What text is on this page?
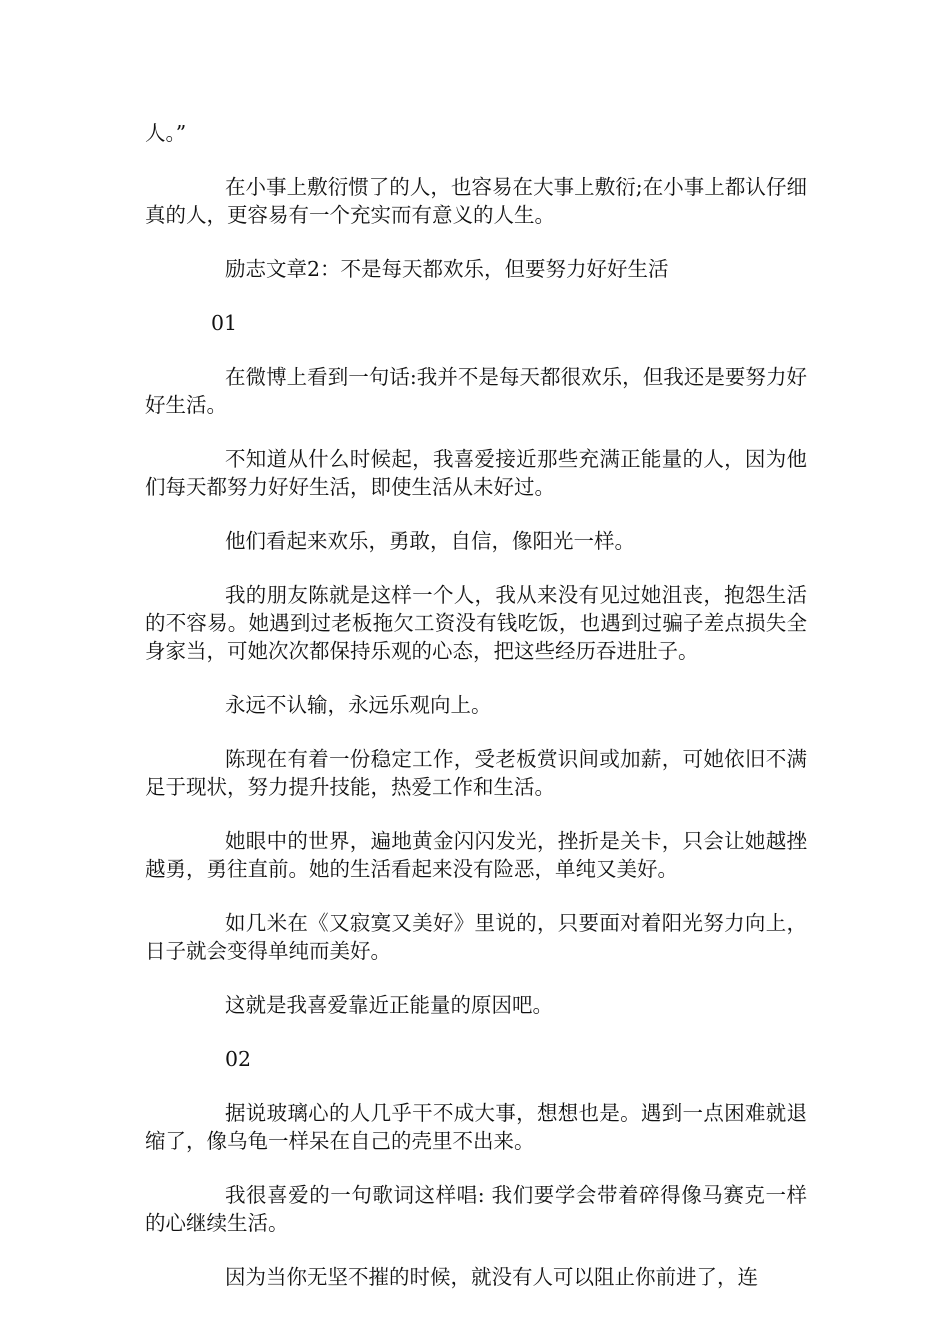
人。”

在小事上敷衍惯了的人，也容易在大事上敷衍;在小事上都认仔细真的人，更容易有一个充实而有意义的人生。

励志文章2：不是每天都欢乐，但要努力好好生活

01

在微博上看到一句话:我并不是每天都很欢乐，但我还是要努力好好生活。

不知道从什么时候起，我喜爱接近那些充满正能量的人，因为他们每天都努力好好生活，即使生活从未好过。

他们看起来欢乐，勇敢，自信，像阳光一样。

我的朋友陈就是这样一个人，我从来没有见过她沮丧，抱怨生活的不容易。她遇到过老板拖欠工资没有钱吃饭，也遇到过骗子差点损失全身家当，可她次次都保持乐观的心态，把这些经历吞进肚子。

永远不认输，永远乐观向上。

陈现在有着一份稳定工作，受老板赏识间或加薪，可她依旧不满足于现状，努力提升技能，热爱工作和生活。

她眼中的世界，遍地黄金闪闪发光，挫折是关卡，只会让她越挫越勇，勇往直前。她的生活看起来没有险恶，单纯又美好。

如几米在《又寂寞又美好》里说的，只要面对着阳光努力向上，日子就会变得单纯而美好。

这就是我喜爱靠近正能量的原因吧。

02

据说玻璃心的人几乎干不成大事，想想也是。遇到一点困难就退缩了，像乌龟一样呆在自己的壳里不出来。

我很喜爱的一句歌词这样唱: 我们要学会带着碎得像马赛克一样的心继续生活。

因为当你无坚不摧的时候，就没有人可以阻止你前进了，连
